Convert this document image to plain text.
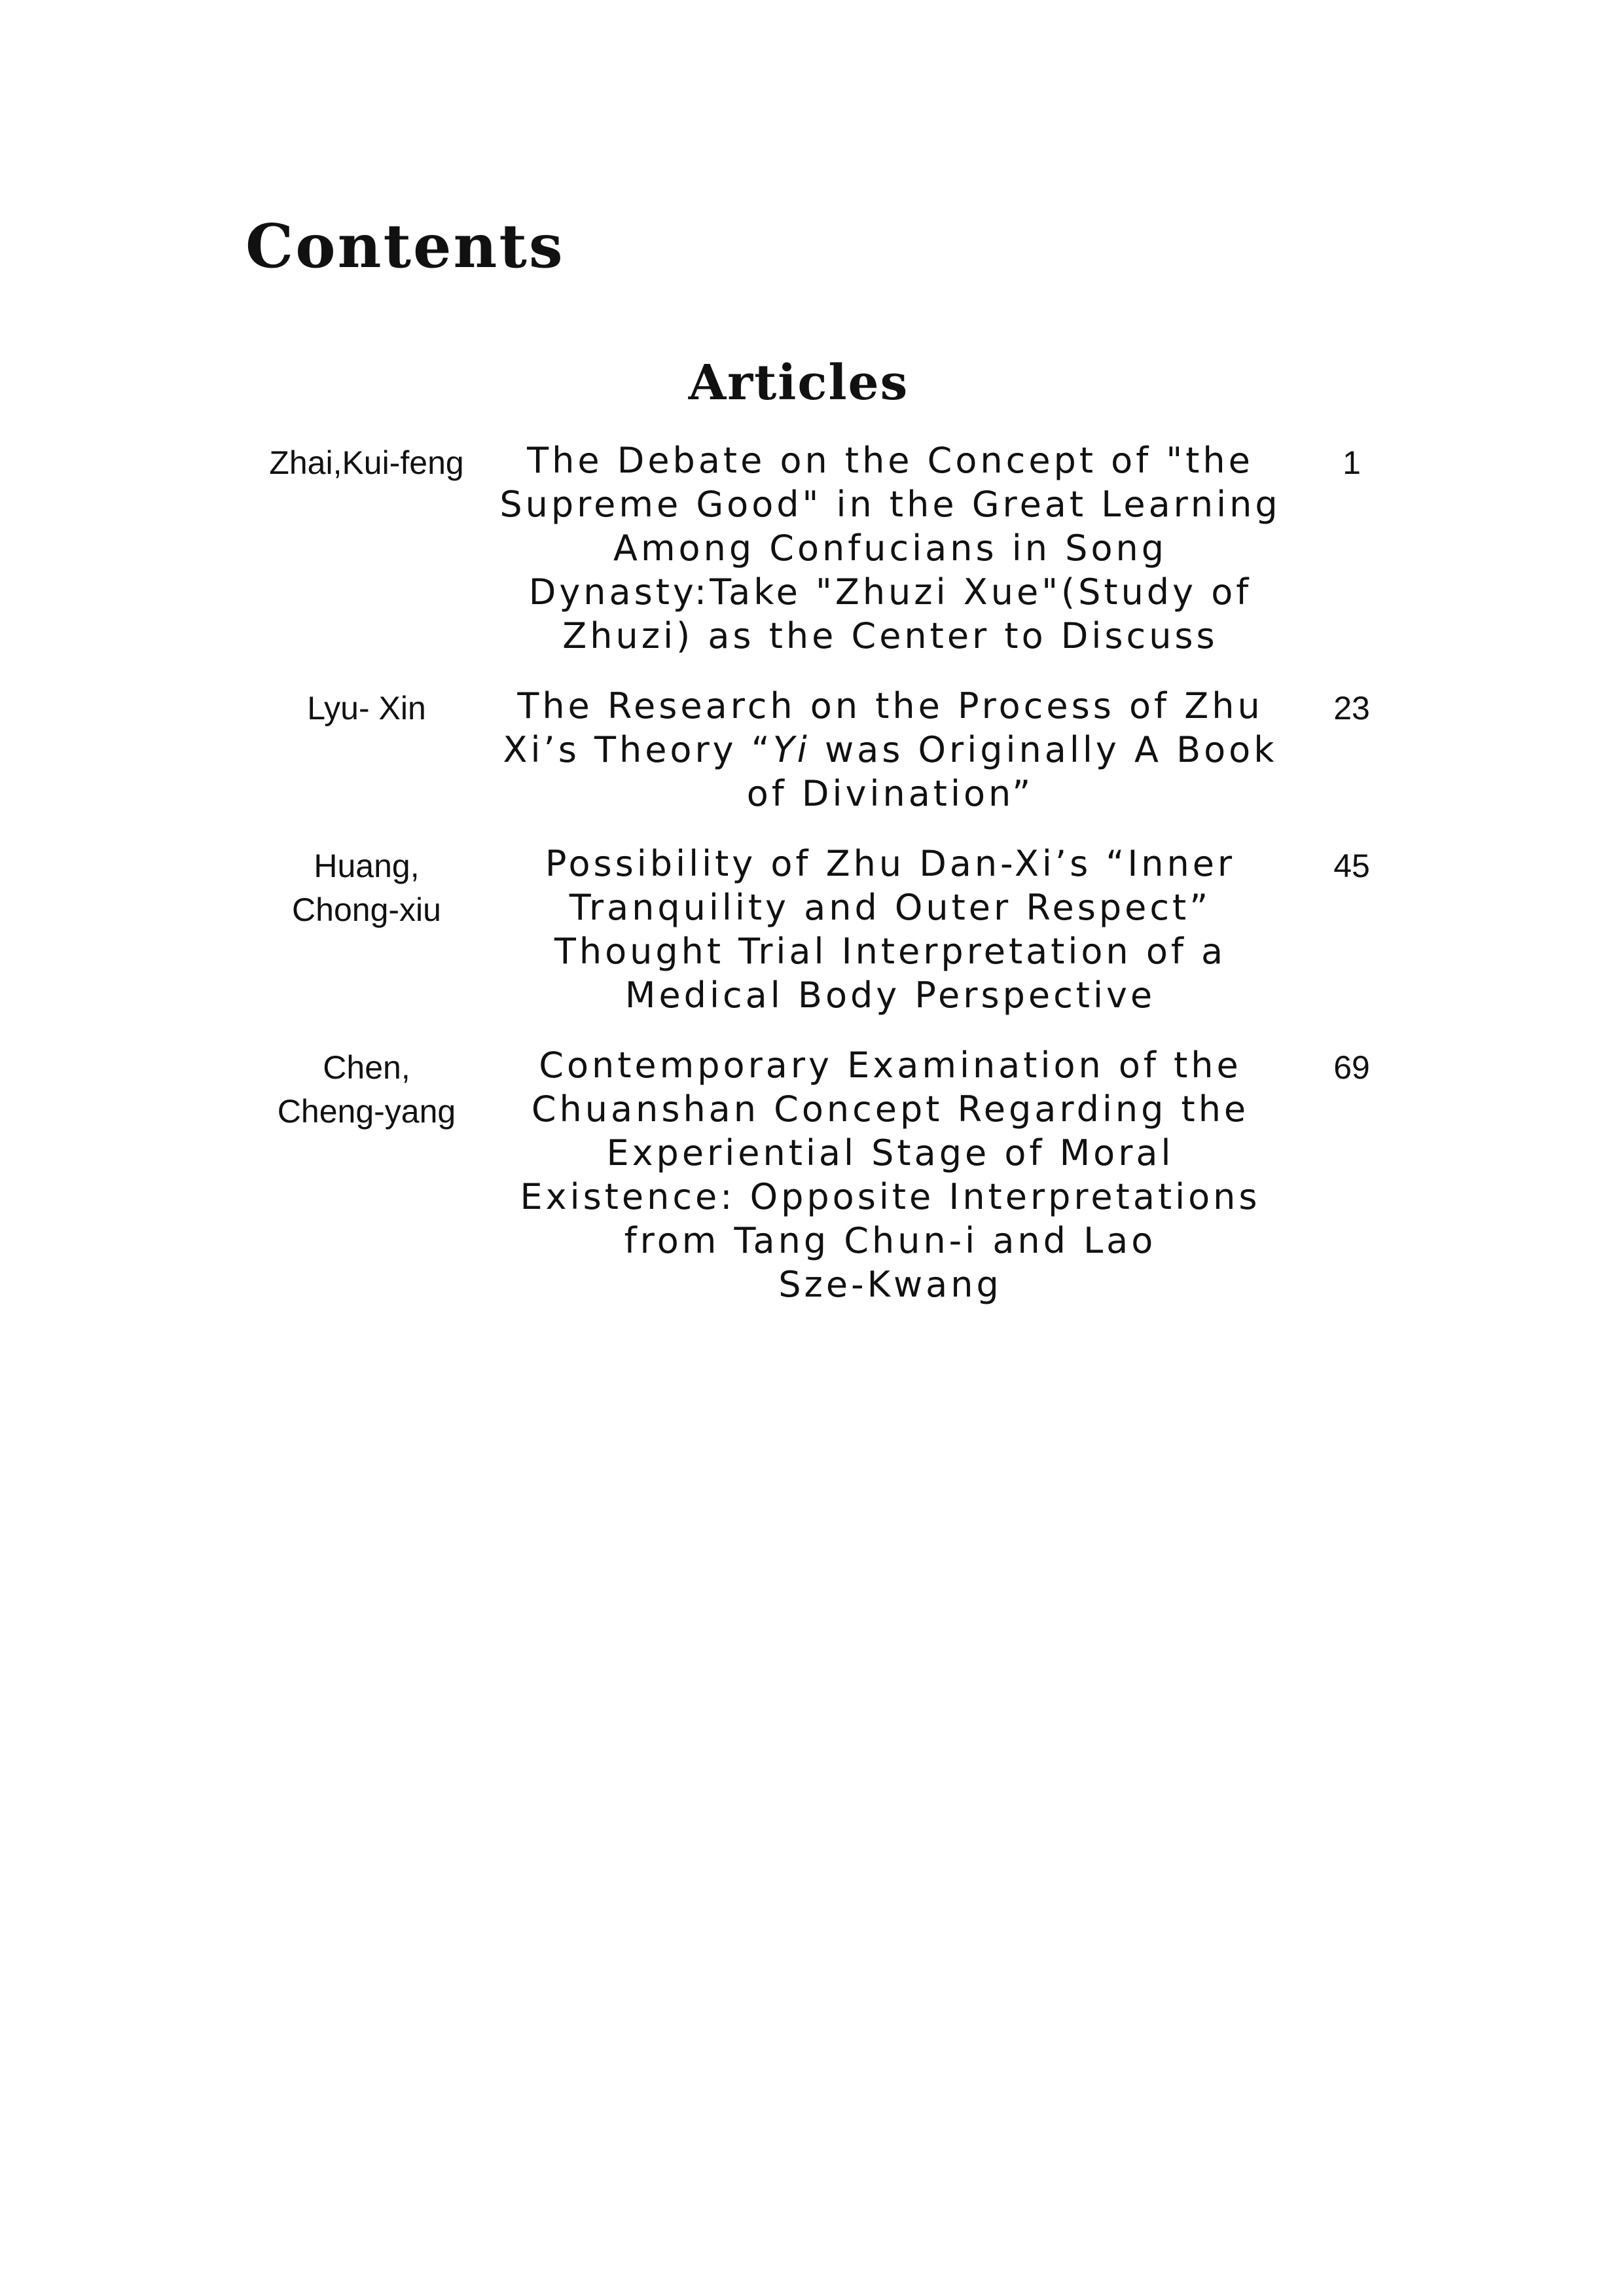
Contents
Articles
Zhai,Kui-feng	The Debate on the Concept of "the
Supreme Good" in the Great Learning
Among Confucians in Song
Dynasty:Take "Zhuzi Xue"(Study of
Zhuzi) as the Center to Discuss
1
Lyu- Xin	The Research on the Process of Zhu
Xi’s Theory “Yi was Originally A Book
of Divination”
23
Huang,
Chong-xiu
Possibility of Zhu Dan-Xi’s “Inner
Tranquility and Outer Respect”
Thought Trial Interpretation of a
Medical Body Perspective
45
Chen,
Cheng-yang
Contemporary Examination of the
Chuanshan Concept Regarding the
Experiential Stage of Moral
Existence: Opposite Interpretations
from Tang Chun-i and Lao
Sze-Kwang
69
